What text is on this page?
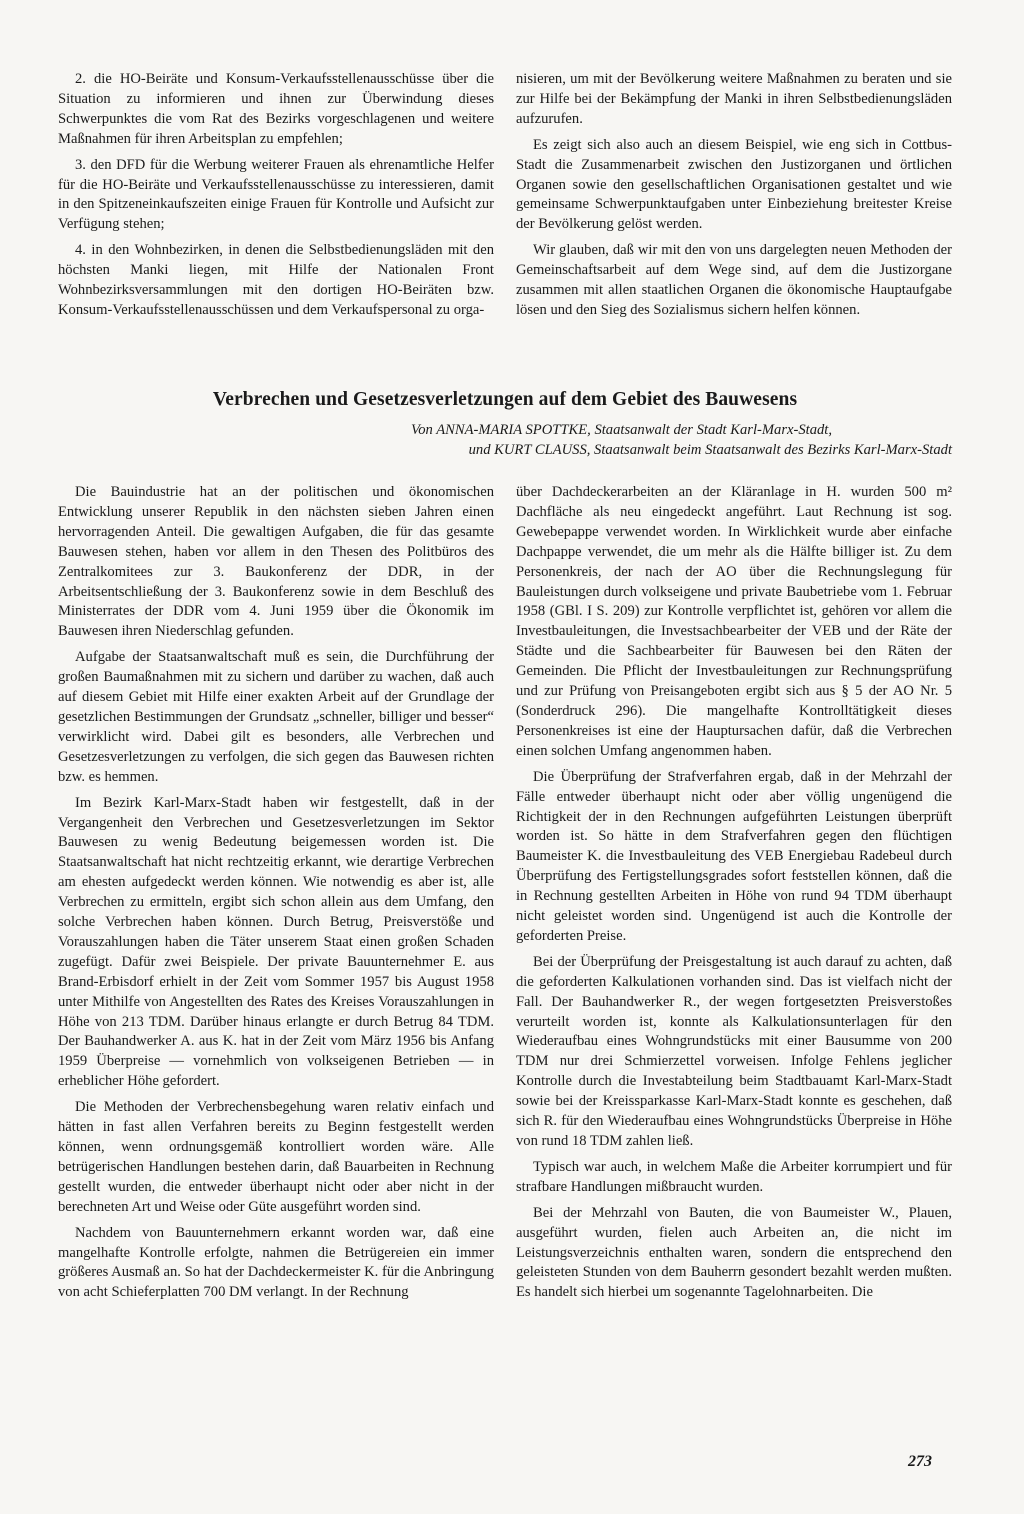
2. die HO-Beiräte und Konsum-Verkaufsstellenausschüsse über die Situation zu informieren und ihnen zur Überwindung dieses Schwerpunktes die vom Rat des Bezirks vorgeschlagenen und weitere Maßnahmen für ihren Arbeitsplan zu empfehlen;

3. den DFD für die Werbung weiterer Frauen als ehrenamtliche Helfer für die HO-Beiräte und Verkaufsstellenausschüsse zu interessieren, damit in den Spitzeneinkaufszeiten einige Frauen für Kontrolle und Aufsicht zur Verfügung stehen;

4. in den Wohnbezirken, in denen die Selbstbedienungsläden mit den höchsten Manki liegen, mit Hilfe der Nationalen Front Wohnbezirksversammlungen mit den dortigen HO-Beiräten bzw. Konsum-Verkaufsstellenausschüssen und dem Verkaufspersonal zu orga-

nisieren, um mit der Bevölkerung weitere Maßnahmen zu beraten und sie zur Hilfe bei der Bekämpfung der Manki in ihren Selbstbedienungsläden aufzurufen.

Es zeigt sich also auch an diesem Beispiel, wie eng sich in Cottbus-Stadt die Zusammenarbeit zwischen den Justizorganen und örtlichen Organen sowie den gesellschaftlichen Organisationen gestaltet und wie gemeinsame Schwerpunktaufgaben unter Einbeziehung breitester Kreise der Bevölkerung gelöst werden.

Wir glauben, daß wir mit den von uns dargelegten neuen Methoden der Gemeinschaftsarbeit auf dem Wege sind, auf dem die Justizorgane zusammen mit allen staatlichen Organen die ökonomische Hauptaufgabe lösen und den Sieg des Sozialismus sichern helfen können.

Verbrechen und Gesetzesverletzungen auf dem Gebiet des Bauwesens
Von ANNA-MARIA SPOTTKE, Staatsanwalt der Stadt Karl-Marx-Stadt,
und KURT CLAUSS, Staatsanwalt beim Staatsanwalt des Bezirks Karl-Marx-Stadt

Die Bauindustrie hat an der politischen und ökonomischen Entwicklung unserer Republik in den nächsten sieben Jahren einen hervorragenden Anteil. Die gewaltigen Aufgaben, die für das gesamte Bauwesen stehen, haben vor allem in den Thesen des Politbüros des Zentralkomitees zur 3. Baukonferenz der DDR, in der Arbeitsentschließung der 3. Baukonferenz sowie in dem Beschluß des Ministerrates der DDR vom 4. Juni 1959 über die Ökonomik im Bauwesen ihren Niederschlag gefunden.

Aufgabe der Staatsanwaltschaft muß es sein, die Durchführung der großen Baumaßnahmen mit zu sichern und darüber zu wachen, daß auch auf diesem Gebiet mit Hilfe einer exakten Arbeit auf der Grundlage der gesetzlichen Bestimmungen der Grundsatz „schneller, billiger und besser“ verwirklicht wird. Dabei gilt es besonders, alle Verbrechen und Gesetzesverletzungen zu verfolgen, die sich gegen das Bauwesen richten bzw. es hemmen.

Im Bezirk Karl-Marx-Stadt haben wir festgestellt, daß in der Vergangenheit den Verbrechen und Gesetzesverletzungen im Sektor Bauwesen zu wenig Bedeutung beigemessen worden ist. Die Staatsanwaltschaft hat nicht rechtzeitig erkannt, wie derartige Verbrechen am ehesten aufgedeckt werden können. Wie notwendig es aber ist, alle Verbrechen zu ermitteln, ergibt sich schon allein aus dem Umfang, den solche Verbrechen haben können. Durch Betrug, Preisverstöße und Vorauszahlungen haben die Täter unserem Staat einen großen Schaden zugefügt. Dafür zwei Beispiele. Der private Bauunternehmer E. aus Brand-Erbisdorf erhielt in der Zeit vom Sommer 1957 bis August 1958 unter Mithilfe von Angestellten des Rates des Kreises Vorauszahlungen in Höhe von 213 TDM. Darüber hinaus erlangte er durch Betrug 84 TDM. Der Bauhandwerker A. aus K. hat in der Zeit vom März 1956 bis Anfang 1959 Überpreise — vornehmlich von volkseigenen Betrieben — in erheblicher Höhe gefordert.

Die Methoden der Verbrechensbegehung waren relativ einfach und hätten in fast allen Verfahren bereits zu Beginn festgestellt werden können, wenn ordnungsgemäß kontrolliert worden wäre. Alle betrügerischen Handlungen bestehen darin, daß Bauarbeiten in Rechnung gestellt wurden, die entweder überhaupt nicht oder aber nicht in der berechneten Art und Weise oder Güte ausgeführt worden sind.

Nachdem von Bauunternehmern erkannt worden war, daß eine mangelhafte Kontrolle erfolgte, nahmen die Betrügereien ein immer größeres Ausmaß an. So hat der Dachdeckermeister K. für die Anbringung von acht Schieferplatten 700 DM verlangt. In der Rechnung

über Dachdeckerarbeiten an der Kläranlage in H. wurden 500 m² Dachfläche als neu eingedeckt angeführt. Laut Rechnung ist sog. Gewebepappe verwendet worden. In Wirklichkeit wurde aber einfache Dachpappe verwendet, die um mehr als die Hälfte billiger ist. Zu dem Personenkreis, der nach der AO über die Rechnungslegung für Bauleistungen durch volkseigene und private Baubetriebe vom 1. Februar 1958 (GBl. I S. 209) zur Kontrolle verpflichtet ist, gehören vor allem die Investbauleitungen, die Investsachbearbeiter der VEB und der Räte der Städte und die Sachbearbeiter für Bauwesen bei den Räten der Gemeinden. Die Pflicht der Investbauleitungen zur Rechnungsprüfung und zur Prüfung von Preisangeboten ergibt sich aus § 5 der AO Nr. 5 (Sonderdruck 296). Die mangelhafte Kontrolltätigkeit dieses Personenkreises ist eine der Hauptursachen dafür, daß die Verbrechen einen solchen Umfang angenommen haben.

Die Überprüfung der Strafverfahren ergab, daß in der Mehrzahl der Fälle entweder überhaupt nicht oder aber völlig ungenügend die Richtigkeit der in den Rechnungen aufgeführten Leistungen überprüft worden ist. So hätte in dem Strafverfahren gegen den flüchtigen Baumeister K. die Investbauleitung des VEB Energiebau Radebeul durch Überprüfung des Fertigstellungsgrades sofort feststellen können, daß die in Rechnung gestellten Arbeiten in Höhe von rund 94 TDM überhaupt nicht geleistet worden sind. Ungenügend ist auch die Kontrolle der geforderten Preise.

Bei der Überprüfung der Preisgestaltung ist auch darauf zu achten, daß die geforderten Kalkulationen vorhanden sind. Das ist vielfach nicht der Fall. Der Bauhandwerker R., der wegen fortgesetzten Preisverstoßes verurteilt worden ist, konnte als Kalkulationsunterlagen für den Wiederaufbau eines Wohngrundstücks mit einer Bausumme von 200 TDM nur drei Schmierzettel vorweisen. Infolge Fehlens jeglicher Kontrolle durch die Investabteilung beim Stadtbauamt Karl-Marx-Stadt sowie bei der Kreissparkasse Karl-Marx-Stadt konnte es geschehen, daß sich R. für den Wiederaufbau eines Wohngrundstücks Überpreise in Höhe von rund 18 TDM zahlen ließ.

Typisch war auch, in welchem Maße die Arbeiter korrumpiert und für strafbare Handlungen mißbraucht wurden.

Bei der Mehrzahl von Bauten, die von Baumeister W., Plauen, ausgeführt wurden, fielen auch Arbeiten an, die nicht im Leistungsverzeichnis enthalten waren, sondern die entsprechend den geleisteten Stunden von dem Bauherrn gesondert bezahlt werden mußten. Es handelt sich hierbei um sogenannte Tagelohnarbeiten. Die

273
